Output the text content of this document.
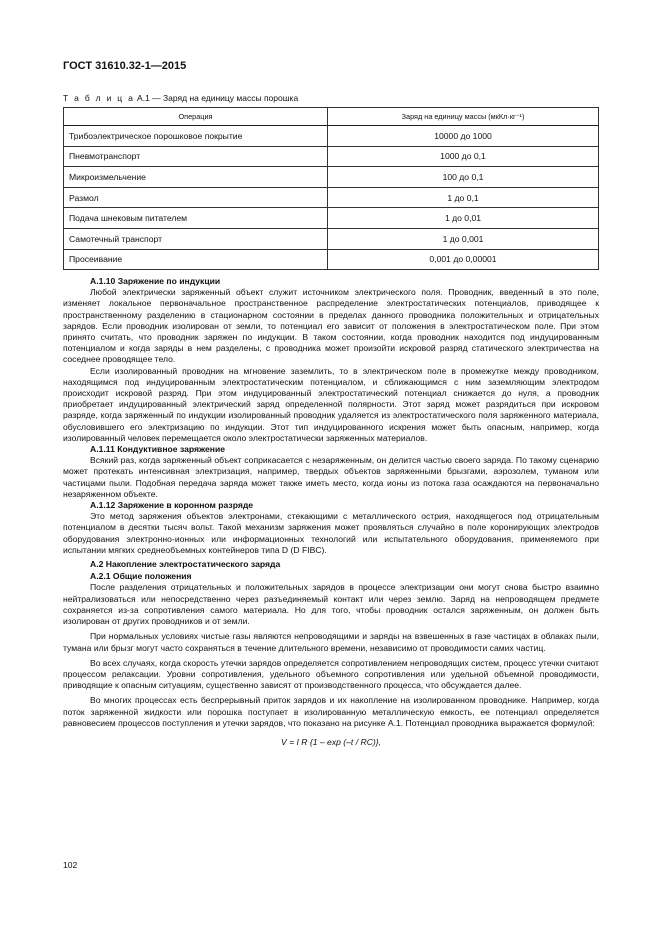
ГОСТ 31610.32-1—2015
Т а б л и ц а А.1 — Заряд на единицу массы порошка
Операция	Заряд на единицу массы (мкКл·кг⁻¹)
Трибоэлектрическое порошковое покрытие	10000 до 1000
Пневмотранспорт	1000 до 0,1
Микроизмельчение	100 до 0,1
Размол	1 до 0,1
Подача шнековым питателем	1 до 0,01
Самотечный транспорт	1 до 0,001
Просеивание	0,001 до 0,00001
А.1.10 Заряжение по индукции

Любой электрически заряженный объект служит источником электрического поля. Проводник, введенный в это поле, изменяет локальное первоначальное пространственное распределение электростатических потенциалов, приводящее к пространственному разделению в стационарном состоянии в пределах данного проводника положительных и отрицательных зарядов. Если проводник изолирован от земли, то потенциал его зависит от положения в электростатическом поле. При этом принято считать, что проводник заряжен по индукции. В таком состоянии, когда проводник находится под индуцированным потенциалом и когда заряды в нем разделены, с проводника может произойти искровой разряд статического электричества на соседнее проводящее тело.

Если изолированный проводник на мгновение заземлить, то в электрическом поле в промежутке между проводником, находящимся под индуцированным электростатическим потенциалом, и сближающимся с ним заземляющим электродом происходит искровой разряд. При этом индуцированный электростатический потенциал снижается до нуля, а проводник приобретает индуцированный электрический заряд определенной полярности. Этот заряд может разрядиться при искровом разряде, когда заряженный по индукции изолированный проводник удаляется из электростатического поля заряженного материала, обусловившего его электризацию по индукции. Этот тип индуцированного искрения может быть опасным, например, когда изолированный человек перемещается около электростатически заряженных материалов.

А.1.11 Кондуктивное заряжение

Всякий раз, когда заряженный объект соприкасается с незаряженным, он делится частью своего заряда. По такому сценарию может протекать интенсивная электризация, например, твердых объектов заряженными брызгами, аэрозолем, туманом или частицами пыли. Подобная передача заряда может также иметь место, когда ионы из потока газа осаждаются на первоначально незаряженном объекте.

А.1.12 Заряжение в коронном разряде

Это метод заряжения объектов электронами, стекающими с металлического острия, находящегося под отрицательным потенциалом в десятки тысяч вольт. Такой механизм заряжения может проявляться случайно в поле коронирующих электродов оборудования электронно-ионных или информационных технологий или испытательного оборудования, применяемого при испытании мягких среднеобъемных контейнеров типа D (D FIBC).

А.2 Накопление электростатического заряда
А.2.1 Общие положения

После разделения отрицательных и положительных зарядов в процессе электризации они могут снова быстро взаимно нейтрализоваться или непосредственно через разъединяемый контакт или через землю. Заряд на непроводящем предмете сохраняется из-за сопротивления самого материала. Но для того, чтобы проводник остался заряженным, он должен быть изолирован от других проводников и от земли.

При нормальных условиях чистые газы являются непроводящими и заряды на взвешенных в газе частицах в облаках пыли, тумана или брызг могут часто сохраняться в течение длительного времени, независимо от проводимости самих частиц.

Во всех случаях, когда скорость утечки зарядов определяется сопротивлением непроводящих систем, процесс утечки считают процессом релаксации. Уровни сопротивления, удельного объемного сопротивления или удельной объемной проводимости, приводящие к опасным ситуациям, существенно зависят от производственного процесса, что обсуждается далее.

Во многих процессах есть беспрерывный приток зарядов и их накопление на изолированном проводнике. Например, когда поток заряженной жидкости или порошка поступает в изолированную металлическую емкость, ее потенциал определяется равновесием процессов поступления и утечки зарядов, что показано на рисунке А.1. Потенциал проводника выражается формулой:

V = I R {1 – exp (–t / RC)},
102
